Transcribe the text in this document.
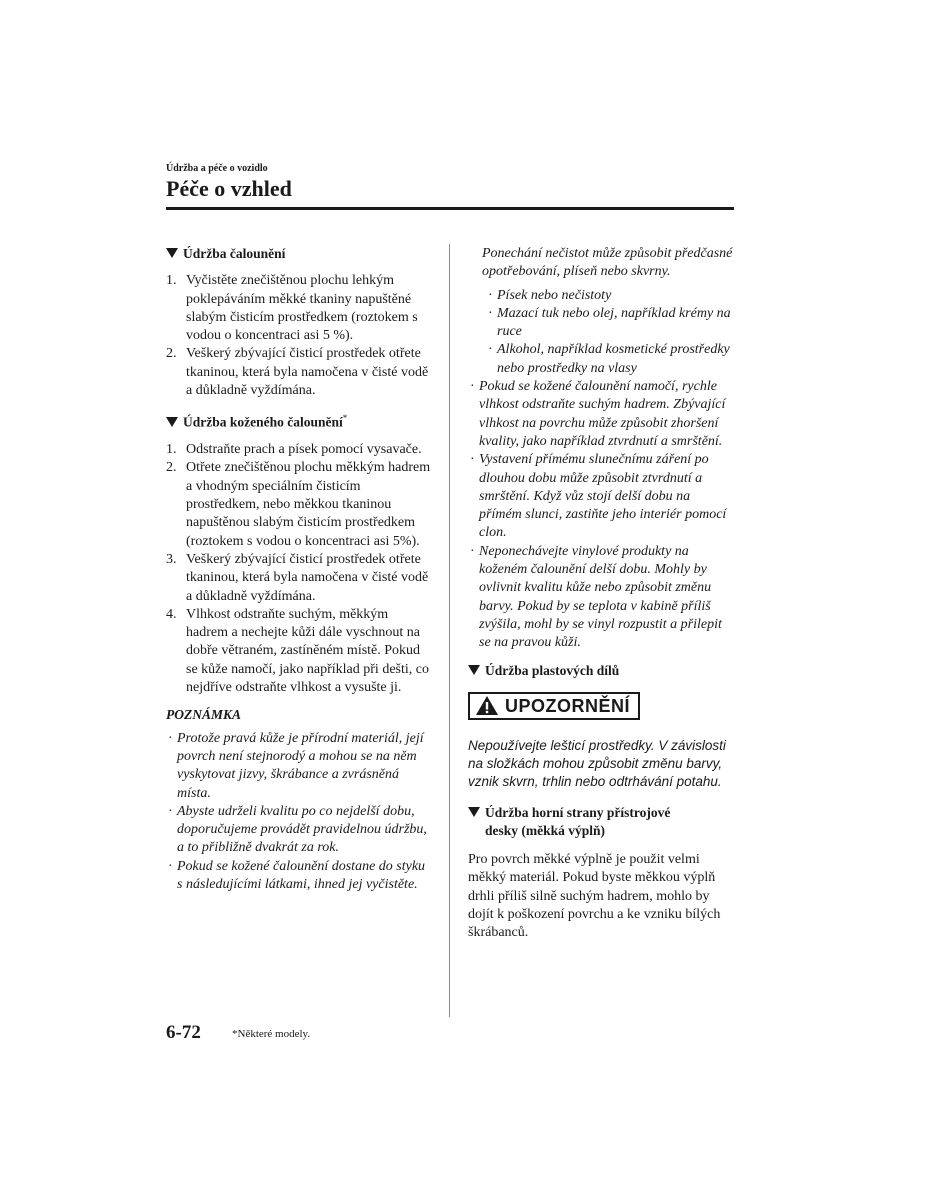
Údržba a péče o vozidlo
Péče o vzhled

Údržba čalounění

1. Vyčistěte znečištěnou plochu lehkým poklepáváním měkké tkaniny napuštěné slabým čisticím prostředkem (roztokem s vodou o koncentraci asi 5 %).
2. Veškerý zbývající čisticí prostředek otřete tkaninou, která byla namočena v čisté vodě a důkladně vyždímána.

Údržba koženého čalounění*

1. Odstraňte prach a písek pomocí vysavače.
2. Otřete znečištěnou plochu měkkým hadrem a vhodným speciálním čisticím prostředkem, nebo měkkou tkaninou napuštěnou slabým čisticím prostředkem (roztokem s vodou o koncentraci asi 5%).
3. Veškerý zbývající čisticí prostředek otřete tkaninou, která byla namočena v čisté vodě a důkladně vyždímána.
4. Vlhkost odstraňte suchým, měkkým hadrem a nechejte kůži dále vyschnout na dobře větraném, zastíněném místě. Pokud se kůže namočí, jako například při dešti, co nejdříve odstraňte vlhkost a vysušte ji.

POZNÁMKA

· Protože pravá kůže je přírodní materiál, její povrch není stejnorodý a mohou se na něm vyskytovat jizvy, škrábance a zvrásněná místa.
· Abyste udrželi kvalitu po co nejdelší dobu, doporučujeme provádět pravidelnou údržbu, a to přibližně dvakrát za rok.
· Pokud se kožené čalounění dostane do styku s následujícími látkami, ihned jej vyčistěte.

Ponechání nečistot může způsobit předčasné opotřebování, plíseň nebo skvrny.

· Písek nebo nečistoty
· Mazací tuk nebo olej, například krémy na ruce
· Alkohol, například kosmetické prostředky nebo prostředky na vlasy
· Pokud se kožené čalounění namočí, rychle vlhkost odstraňte suchým hadrem. Zbývající vlhkost na povrchu může způsobit zhoršení kvality, jako například ztvrdnutí a smrštění.
· Vystavení přímému slunečnímu záření po dlouhou dobu může způsobit ztvrdnutí a smrštění. Když vůz stojí delší dobu na přímém slunci, zastiňte jeho interiér pomocí clon.
· Neponechávejte vinylové produkty na koženém čalounění delší dobu. Mohly by ovlivnit kvalitu kůže nebo způsobit změnu barvy. Pokud by se teplota v kabině příliš zvýšila, mohl by se vinyl rozpustit a přilepit se na pravou kůži.

Údržba plastových dílů

UPOZORNĚNÍ

Nepoužívejte lešticí prostředky. V závislosti na složkách mohou způsobit změnu barvy, vznik skvrn, trhlin nebo odtrhávání potahu.

Údržba horní strany přístrojové
desky (měkká výplň)

Pro povrch měkké výplně je použit velmi měkký materiál. Pokud byste měkkou výplň drhli příliš silně suchým hadrem, mohlo by dojít k poškození povrchu a ke vzniku bílých škrábanců.

6-72	*Některé modely.
